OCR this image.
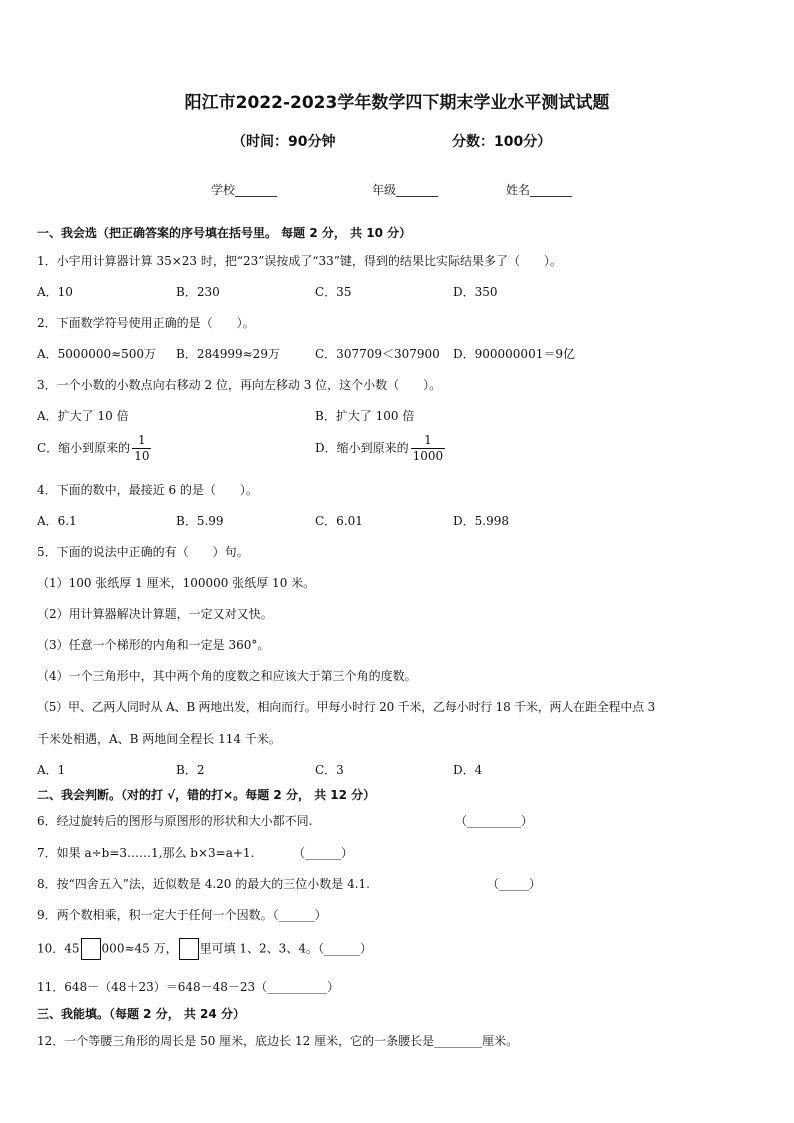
阳江市2022-2023学年数学四下期末学业水平测试试题
（时间：90分钟	分数：100分）
学校_______	年级_______	姓名_______
一、我会选（把正确答案的序号填在括号里。 每题 2 分， 共 10 分）
1．小宇用计算器计算 35×23 时，把“23”误按成了“33”键，得到的结果比实际结果多了（　　）。
A．10	B．230	C．35	D．350
2．下面数学符号使用正确的是（　　）。
A．5000000≈500万 B．284999≈29万	C．307709＜307900 D．900000001＝9亿
3．一个小数的小数点向右移动 2 位，再向左移动 3 位，这个小数（　　）。
A．扩大了 10 倍	B．扩大了 100 倍
C．缩小到原来的 $\frac{1}{10}$	D．缩小到原来的 $\frac{1}{1000}$
4．下面的数中，最接近 6 的是（　　）。
A．6.1	B．5.99	C．6.01	D．5.998
5．下面的说法中正确的有（　　）句。
（1）100 张纸厚 1 厘米，100000 张纸厚 10 米。
（2）用计算器解决计算题，一定又对又快。
（3）任意一个梯形的内角和一定是 360°。
（4）一个三角形中，其中两个角的度数之和应该大于第三个角的度数。
（5）甲、乙两人同时从 A、B 两地出发，相向而行。甲每小时行 20 千米，乙每小时行 18 千米，两人在距全程中点 3
千米处相遇，A、B 两地间全程长 114 千米。
A．1	B．2	C．3	D．4
二、我会判断。（对的打 √，错的打×。每题 2 分， 共 12 分）
6．经过旋转后的图形与原图形的形状和大小都不同.	（_________）
7．如果 a÷b=3……1,那么 b×3=a+1.	（______）
8．按“四舍五入”法，近似数是 4.20 的最大的三位小数是 4.1.	（_____）
9．两个数相乘，积一定大于任何一个因数。（______）
10．45 000≈45 万， 里可填 1、2、3、4。（______）
11．648－（48＋23）＝648－48－23（__________）
三、我能填。（每题 2 分， 共 24 分）
12．一个等腰三角形的周长是 50 厘米，底边长 12 厘米，它的一条腰长是________厘米。
